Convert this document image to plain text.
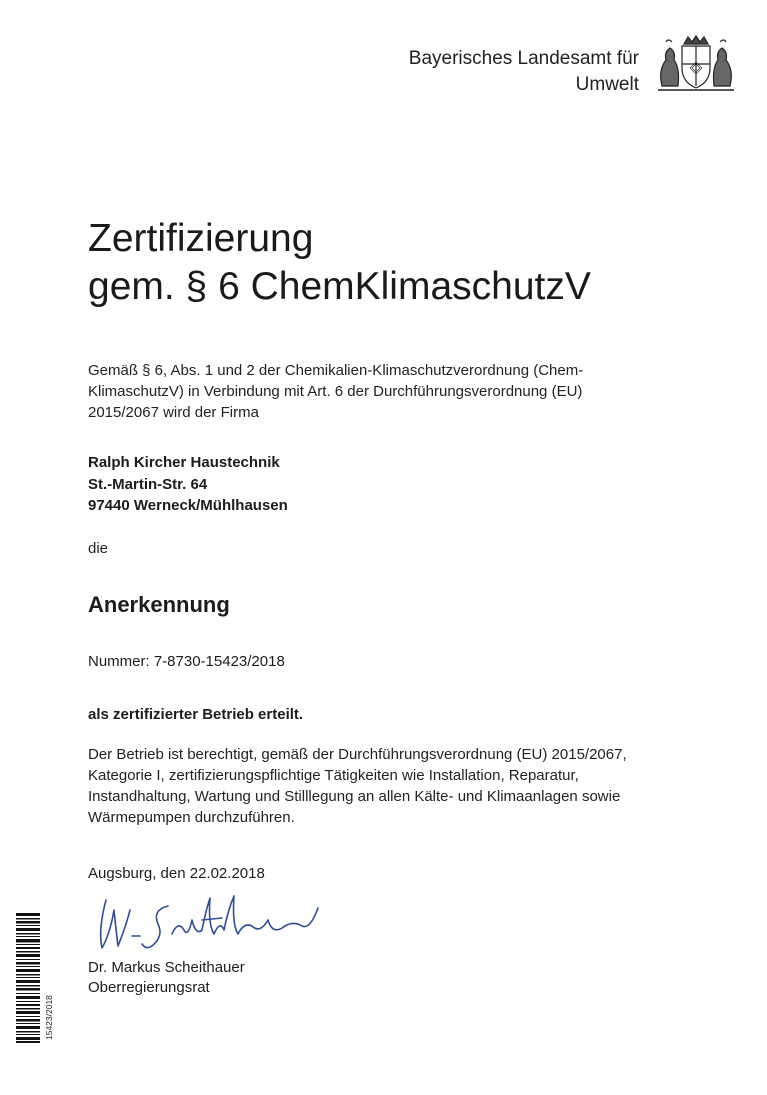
Bayerisches Landesamt für
Umwelt
Zertifizierung
gem. § 6 ChemKlimaschutzV

Gemäß § 6, Abs. 1 und 2 der Chemikalien-Klimaschutzverordnung (Chem-KlimaschutzV) in Verbindung mit Art. 6 der Durchführungsverordnung (EU) 2015/2067 wird der Firma

Ralph Kircher Haustechnik
St.-Martin-Str. 64
97440 Werneck/Mühlhausen
die
Anerkennung
Nummer: 7-8730-15423/2018
als zertifizierter Betrieb erteilt.

Der Betrieb ist berechtigt, gemäß der Durchführungsverordnung (EU) 2015/2067, Kategorie I, zertifizierungspflichtige Tätigkeiten wie Installation, Reparatur, Instandhaltung, Wartung und Stilllegung an allen Kälte- und Klimaanlagen sowie Wärmepumpen durchzuführen.

Augsburg, den 22.02.2018
Dr. Markus Scheithauer
Oberregierungsrat
15423/2018
